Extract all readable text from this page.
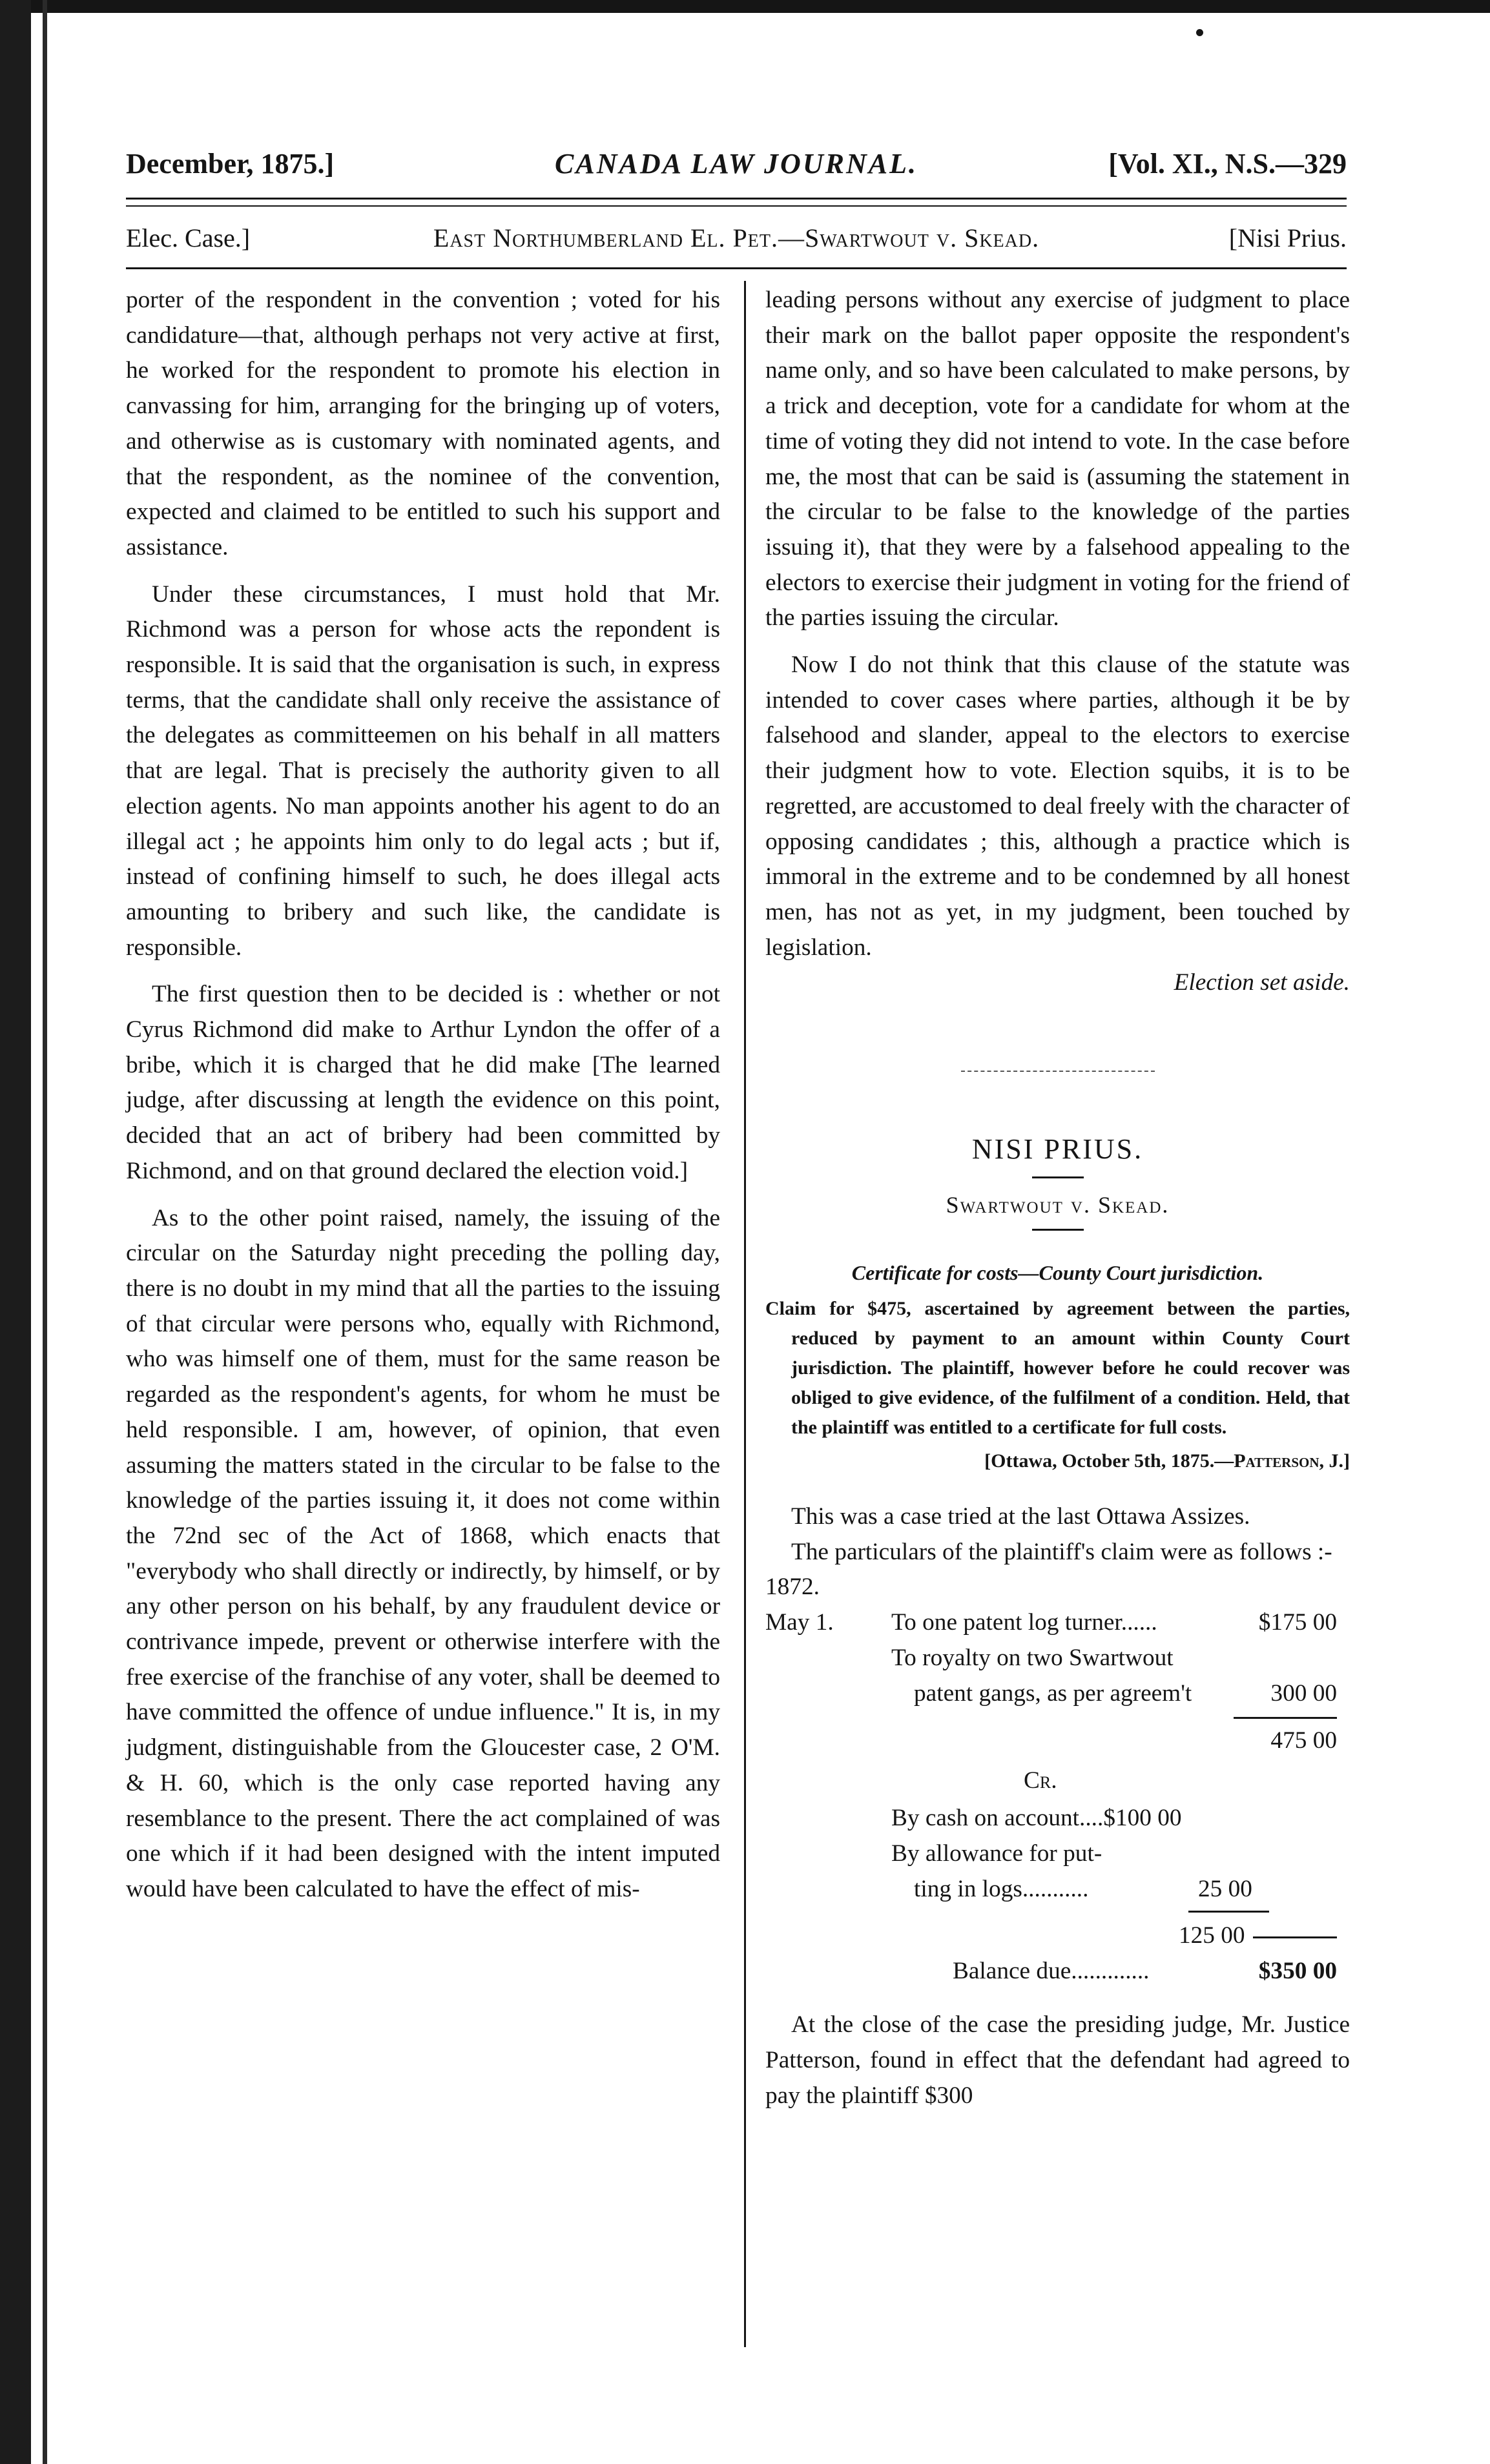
December, 1875.]	CANADA LAW JOURNAL.	[Vol. XI., N.S.—329
Elec. Case.]	East Northumberland El. Pet.—Swartwout v. Skead.	[Nisi Prius.

porter of the respondent in the convention ; voted for his candidature—that, although perhaps not very active at first, he worked for the respondent to promote his election in canvassing for him, arranging for the bringing up of voters, and otherwise as is customary with nominated agents, and that the respondent, as the nominee of the convention, expected and claimed to be entitled to such his support and assistance.

Under these circumstances, I must hold that Mr. Richmond was a person for whose acts the repondent is responsible. It is said that the organisation is such, in express terms, that the candidate shall only receive the assistance of the delegates as committeemen on his behalf in all matters that are legal. That is precisely the authority given to all election agents. No man appoints another his agent to do an illegal act ; he appoints him only to do legal acts ; but if, instead of confining himself to such, he does illegal acts amounting to bribery and such like, the candidate is responsible.

The first question then to be decided is : whether or not Cyrus Richmond did make to Arthur Lyndon the offer of a bribe, which it is charged that he did make [The learned judge, after discussing at length the evidence on this point, decided that an act of bribery had been committed by Richmond, and on that ground declared the election void.]

As to the other point raised, namely, the issuing of the circular on the Saturday night preceding the polling day, there is no doubt in my mind that all the parties to the issuing of that circular were persons who, equally with Richmond, who was himself one of them, must for the same reason be regarded as the respondent's agents, for whom he must be held responsible. I am, however, of opinion, that even assuming the matters stated in the circular to be false to the knowledge of the parties issuing it, it does not come within the 72nd sec of the Act of 1868, which enacts that "everybody who shall directly or indirectly, by himself, or by any other person on his behalf, by any fraudulent device or contrivance impede, prevent or otherwise interfere with the free exercise of the franchise of any voter, shall be deemed to have committed the offence of undue influence." It is, in my judgment, distinguishable from the Gloucester case, 2 O'M. & H. 60, which is the only case reported having any resemblance to the present. There the act complained of was one which if it had been designed with the intent imputed would have been calculated to have the effect of mis-

leading persons without any exercise of judgment to place their mark on the ballot paper opposite the respondent's name only, and so have been calculated to make persons, by a trick and deception, vote for a candidate for whom at the time of voting they did not intend to vote. In the case before me, the most that can be said is (assuming the statement in the circular to be false to the knowledge of the parties issuing it), that they were by a falsehood appealing to the electors to exercise their judgment in voting for the friend of the parties issuing the circular.

Now I do not think that this clause of the statute was intended to cover cases where parties, although it be by falsehood and slander, appeal to the electors to exercise their judgment how to vote. Election squibs, it is to be regretted, are accustomed to deal freely with the character of opposing candidates ; this, although a practice which is immoral in the extreme and to be condemned by all honest men, has not as yet, in my judgment, been touched by legislation.

Election set aside.

NISI PRIUS.
Swartwout v. Skead.
Certificate for costs—County Court jurisdiction.

Claim for $475, ascertained by agreement between the parties, reduced by payment to an amount within County Court jurisdiction. The plaintiff, however before he could recover was obliged to give evidence, of the fulfilment of a condition. Held, that the plaintiff was entitled to a certificate for full costs.

[Ottawa, October 5th, 1875.—Patterson, J.]

This was a case tried at the last Ottawa Assizes.

The particulars of the plaintiff's claim were as follows :-

1872.
May 1. To one patent log turner......	$175 00
To royalty on two Swartwout
patent gangs, as per agreem't	300 00
475 00
Cr.
By cash on account....$100 00
By allowance for put-
ting in logs...........	25 00
125 00
Balance due.............	$350 00

At the close of the case the presiding judge, Mr. Justice Patterson, found in effect that the defendant had agreed to pay the plaintiff $300
